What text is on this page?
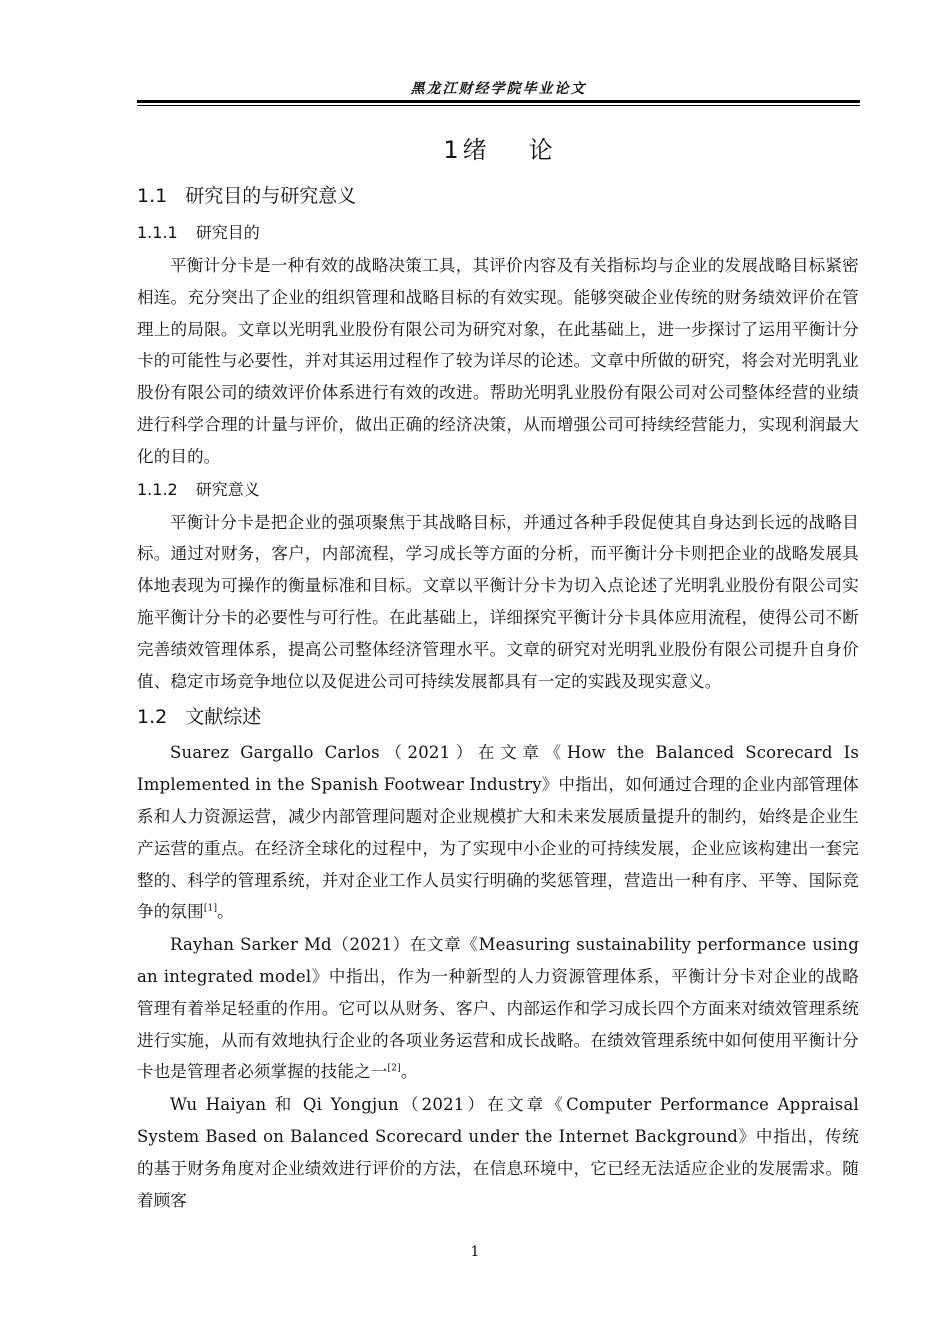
黑龙江财经学院毕业论文
1 绪 论
1.1 研究目的与研究意义
1.1.1 研究目的

平衡计分卡是一种有效的战略决策工具，其评价内容及有关指标均与企业的发展战略目标紧密相连。充分突出了企业的组织管理和战略目标的有效实现。能够突破企业传统的财务绩效评价在管理上的局限。文章以光明乳业股份有限公司为研究对象，在此基础上，进一步探讨了运用平衡计分卡的可能性与必要性，并对其运用过程作了较为详尽的论述。文章中所做的研究，将会对光明乳业股份有限公司的绩效评价体系进行有效的改进。帮助光明乳业股份有限公司对公司整体经营的业绩进行科学合理的计量与评价，做出正确的经济决策，从而增强公司可持续经营能力，实现利润最大化的目的。

1.1.2 研究意义

平衡计分卡是把企业的强项聚焦于其战略目标，并通过各种手段促使其自身达到长远的战略目标。通过对财务，客户，内部流程，学习成长等方面的分析，而平衡计分卡则把企业的战略发展具体地表现为可操作的衡量标准和目标。文章以平衡计分卡为切入点论述了光明乳业股份有限公司实施平衡计分卡的必要性与可行性。在此基础上，详细探究平衡计分卡具体应用流程，使得公司不断完善绩效管理体系，提高公司整体经济管理水平。文章的研究对光明乳业股份有限公司提升自身价值、稳定市场竞争地位以及促进公司可持续发展都具有一定的实践及现实意义。

1.2 文献综述

Suarez Gargallo Carlos（2021）在文章《How the Balanced Scorecard Is Implemented in the Spanish Footwear Industry》中指出，如何通过合理的企业内部管理体系和人力资源运营，减少内部管理问题对企业规模扩大和未来发展质量提升的制约，始终是企业生产运营的重点。在经济全球化的过程中，为了实现中小企业的可持续发展，企业应该构建出一套完整的、科学的管理系统，并对企业工作人员实行明确的奖惩管理，营造出一种有序、平等、国际竞争的氛围[1]。

Rayhan Sarker Md（2021）在文章《Measuring sustainability performance using an integrated model》中指出，作为一种新型的人力资源管理体系，平衡计分卡对企业的战略管理有着举足轻重的作用。它可以从财务、客户、内部运作和学习成长四个方面来对绩效管理系统进行实施，从而有效地执行企业的各项业务运营和成长战略。在绩效管理系统中如何使用平衡计分卡也是管理者必须掌握的技能之一[2]。

Wu Haiyan 和 Qi Yongjun（2021）在文章《Computer Performance Appraisal System Based on Balanced Scorecard under the Internet Background》中指出，传统的基于财务角度对企业绩效进行评价的方法，在信息环境中，它已经无法适应企业的发展需求。随着顾客

1
